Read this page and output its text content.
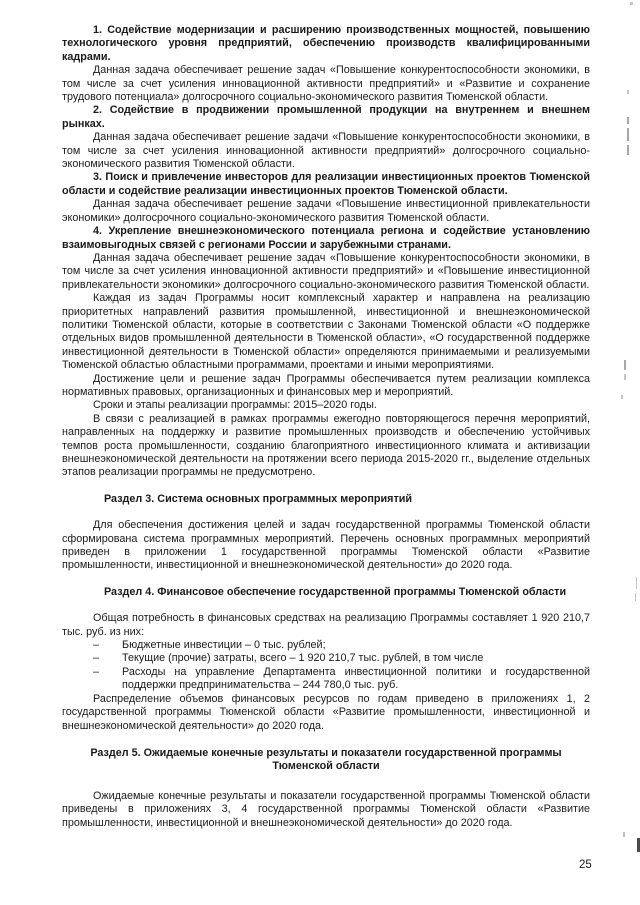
1. Содействие модернизации и расширению производственных мощностей, повышению технологического уровня предприятий, обеспечению производств квалифицированными кадрами.

Данная задача обеспечивает решение задач «Повышение конкурентоспособности экономики, в том числе за счет усиления инновационной активности предприятий» и «Развитие и сохранение трудового потенциала» долгосрочного социально-экономического развития Тюменской области.

2. Содействие в продвижении промышленной продукции на внутреннем и внешнем рынках.

Данная задача обеспечивает решение задачи «Повышение конкурентоспособности экономики, в том числе за счет усиления инновационной активности предприятий» долгосрочного социально-экономического развития Тюменской области.

3. Поиск и привлечение инвесторов для реализации инвестиционных проектов Тюменской области и содействие реализации инвестиционных проектов Тюменской области.

Данная задача обеспечивает решение задачи «Повышение инвестиционной привлекательности экономики» долгосрочного социально-экономического развития Тюменской области.

4. Укрепление внешнеэкономического потенциала региона и содействие установлению взаимовыгодных связей с регионами России и зарубежными странами.

Данная задача обеспечивает решение задач «Повышение конкурентоспособности экономики, в том числе за счет усиления инновационной активности предприятий» и «Повышение инвестиционной привлекательности экономики» долгосрочного социально-экономического развития Тюменской области.

Каждая из задач Программы носит комплексный характер и направлена на реализацию приоритетных направлений развития промышленной, инвестиционной и внешнеэкономической политики Тюменской области, которые в соответствии с Законами Тюменской области «О поддержке отдельных видов промышленной деятельности в Тюменской области», «О государственной поддержке инвестиционной деятельности в Тюменской области» определяются принимаемыми и реализуемыми Тюменской областью областными программами, проектами и иными мероприятиями.

Достижение цели и решение задач Программы обеспечивается путем реализации комплекса нормативных правовых, организационных и финансовых мер и мероприятий.

Сроки и этапы реализации программы: 2015–2020 годы.

В связи с реализацией в рамках программы ежегодно повторяющегося перечня мероприятий, направленных на поддержку и развитие промышленных производств и обеспечению устойчивых темпов роста промышленности, созданию благоприятного инвестиционного климата и активизации внешнеэкономической деятельности на протяжении всего периода 2015-2020 гг., выделение отдельных этапов реализации программы не предусмотрено.

Раздел 3. Система основных программных мероприятий

Для обеспечения достижения целей и задач государственной программы Тюменской области сформирована система программных мероприятий. Перечень основных программных мероприятий приведен в приложении 1 государственной программы Тюменской области «Развитие промышленности, инвестиционной и внешнеэкономической деятельности» до 2020 года.

Раздел 4. Финансовое обеспечение государственной программы Тюменской области

Общая потребность в финансовых средствах на реализацию Программы составляет 1 920 210,7 тыс. руб. из них:

– Бюджетные инвестиции – 0 тыс. рублей;
– Текущие (прочие) затраты, всего – 1 920 210,7 тыс. рублей, в том числе
– Расходы на управление Департамента инвестиционной политики и государственной поддержки предпринимательства – 244 780,0 тыс. руб.

Распределение объемов финансовых ресурсов по годам приведено в приложениях 1, 2 государственной программы Тюменской области «Развитие промышленности, инвестиционной и внешнеэкономической деятельности» до 2020 года.

Раздел 5. Ожидаемые конечные результаты и показатели государственной программы Тюменской области

Ожидаемые конечные результаты и показатели государственной программы Тюменской области приведены в приложениях 3, 4 государственной программы Тюменской области «Развитие промышленности, инвестиционной и внешнеэкономической деятельности» до 2020 года.

25
